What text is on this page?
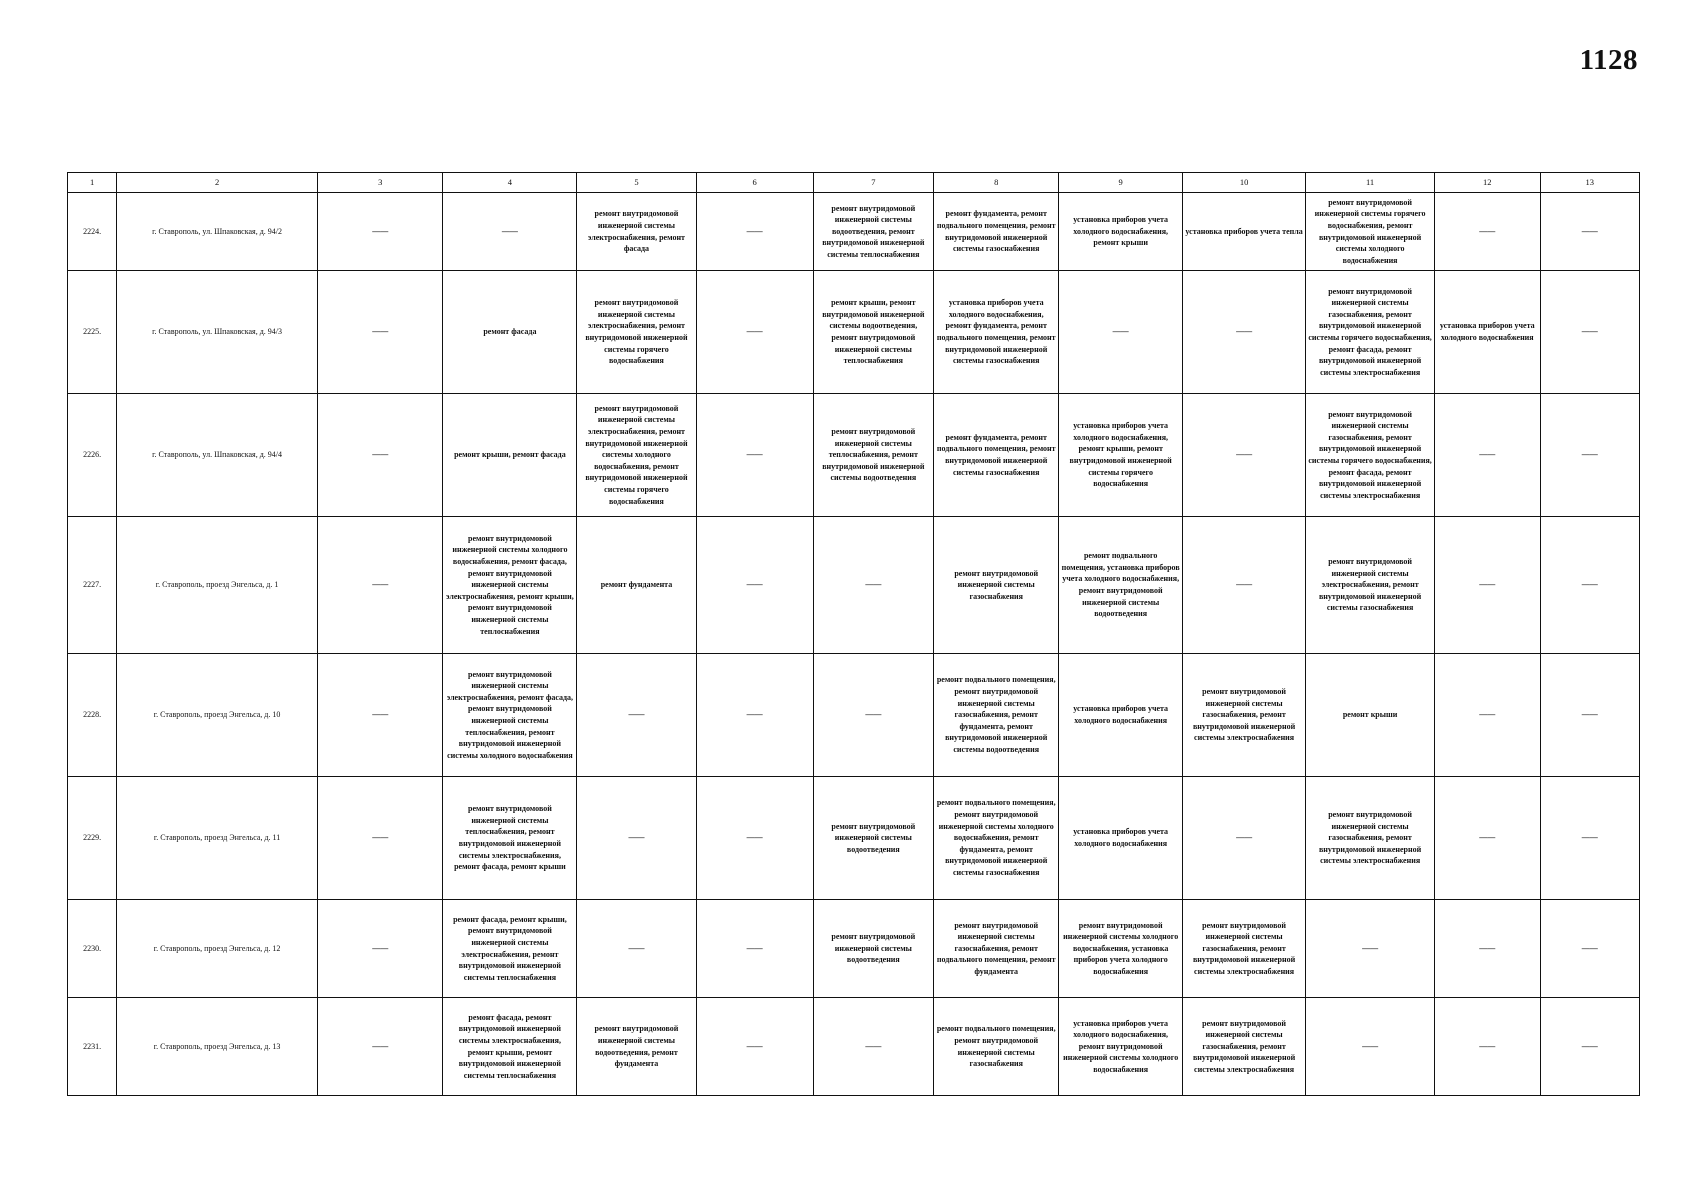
1128
1	2	3	4	5	6	7	8	9	10	11	12	13
2224.	г. Ставрополь, ул. Шпаковская, д. 94/2	——	——	ремонт внутридомовой инженерной системы электроснабжения, ремонт фасада	——	ремонт внутридомовой инженерной системы водоотведения, ремонт внутридомовой инженерной системы теплоснабжения	ремонт фундамента, ремонт подвального помещения, ремонт внутридомовой инженерной системы газоснабжения	установка приборов учета холодного водоснабжения, ремонт крыши	установка приборов учета тепла	ремонт внутридомовой инженерной системы горячего водоснабжения, ремонт внутридомовой инженерной системы холодного водоснабжения	——	——
2225.	г. Ставрополь, ул. Шпаковская, д. 94/3	——	ремонт фасада	ремонт внутридомовой инженерной системы электроснабжения, ремонт внутридомовой инженерной системы горячего водоснабжения	——	ремонт крыши, ремонт внутридомовой инженерной системы водоотведения, ремонт внутридомовой инженерной системы теплоснабжения	установка приборов учета холодного водоснабжения, ремонт фундамента, ремонт подвального помещения, ремонт внутридомовой инженерной системы газоснабжения	——	——	ремонт внутридомовой инженерной системы газоснабжения, ремонт внутридомовой инженерной системы горячего водоснабжения, ремонт фасада, ремонт внутридомовой инженерной системы электроснабжения	установка приборов учета холодного водоснабжения	——
2226.	г. Ставрополь, ул. Шпаковская, д. 94/4	——	ремонт крыши, ремонт фасада	ремонт внутридомовой инженерной системы электроснабжения, ремонт внутридомовой инженерной системы холодного водоснабжения, ремонт внутридомовой инженерной системы горячего водоснабжения	——	ремонт внутридомовой инженерной системы теплоснабжения, ремонт внутридомовой инженерной системы водоотведения	ремонт фундамента, ремонт подвального помещения, ремонт внутридомовой инженерной системы газоснабжения	установка приборов учета холодного водоснабжения, ремонт крыши, ремонт внутридомовой инженерной системы горячего водоснабжения	——	ремонт внутридомовой инженерной системы газоснабжения, ремонт внутридомовой инженерной системы горячего водоснабжения, ремонт фасада, ремонт внутридомовой инженерной системы электроснабжения	——	——
2227.	г. Ставрополь, проезд Энгельса, д. 1	——	ремонт внутридомовой инженерной системы холодного водоснабжения, ремонт фасада, ремонт внутридомовой инженерной системы электроснабжения, ремонт крыши, ремонт внутридомовой инженерной системы теплоснабжения	ремонт фундамента	——	——	ремонт внутридомовой инженерной системы газоснабжения	ремонт подвального помещения, установка приборов учета холодного водоснабжения, ремонт внутридомовой инженерной системы водоотведения	——	ремонт внутридомовой инженерной системы электроснабжения, ремонт внутридомовой инженерной системы газоснабжения	——	——
2228.	г. Ставрополь, проезд Энгельса, д. 10	——	ремонт внутридомовой инженерной системы электроснабжения, ремонт фасада, ремонт внутридомовой инженерной системы теплоснабжения, ремонт внутридомовой инженерной системы холодного водоснабжения	——	——	——	ремонт подвального помещения, ремонт внутридомовой инженерной системы газоснабжения, ремонт фундамента, ремонт внутридомовой инженерной системы водоотведения	установка приборов учета холодного водоснабжения	ремонт внутридомовой инженерной системы газоснабжения, ремонт внутридомовой инженерной системы электроснабжения	ремонт крыши	——	——
2229.	г. Ставрополь, проезд Энгельса, д. 11	——	ремонт внутридомовой инженерной системы теплоснабжения, ремонт внутридомовой инженерной системы электроснабжения, ремонт фасада, ремонт крыши	——	——	ремонт внутридомовой инженерной системы водоотведения	ремонт подвального помещения, ремонт внутридомовой инженерной системы холодного водоснабжения, ремонт фундамента, ремонт внутридомовой инженерной системы газоснабжения	установка приборов учета холодного водоснабжения	——	ремонт внутридомовой инженерной системы газоснабжения, ремонт внутридомовой инженерной системы электроснабжения	——	——
2230.	г. Ставрополь, проезд Энгельса, д. 12	——	ремонт фасада, ремонт крыши, ремонт внутридомовой инженерной системы электроснабжения, ремонт внутридомовой инженерной системы теплоснабжения	——	——	ремонт внутридомовой инженерной системы водоотведения	ремонт внутридомовой инженерной системы газоснабжения, ремонт подвального помещения, ремонт фундамента	ремонт внутридомовой инженерной системы холодного водоснабжения, установка приборов учета холодного водоснабжения	ремонт внутридомовой инженерной системы газоснабжения, ремонт внутридомовой инженерной системы электроснабжения	——	——	——
2231.	г. Ставрополь, проезд Энгельса, д. 13	——	ремонт фасада, ремонт внутридомовой инженерной системы электроснабжения, ремонт крыши, ремонт внутридомовой инженерной системы теплоснабжения	ремонт внутридомовой инженерной системы водоотведения, ремонт фундамента	——	——	ремонт подвального помещения, ремонт внутридомовой инженерной системы газоснабжения	установка приборов учета холодного водоснабжения, ремонт внутридомовой инженерной системы холодного водоснабжения	ремонт внутридомовой инженерной системы газоснабжения, ремонт внутридомовой инженерной системы электроснабжения	——	——	——
